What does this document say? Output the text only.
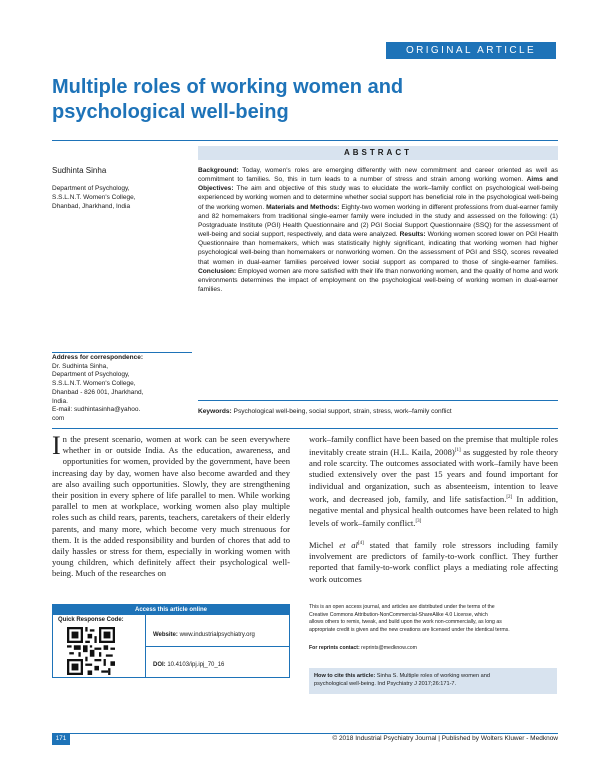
ORIGINAL ARTICLE
Multiple roles of working women and
psychological well-being
Sudhinta Sinha
Department of Psychology,
S.S.L.N.T. Women's College,
Dhanbad, Jharkhand, India
Address for correspondence:
Dr. Sudhinta Sinha,
Department of Psychology,
S.S.L.N.T. Women's College,
Dhanbad - 826 001, Jharkhand,
India.
E-mail: sudhintasinha@yahoo.
com
ABSTRACT
Background: Today, women's roles are emerging differently with new commitment and career oriented as well as commitment to families. So, this in turn leads to a number of stress and strain among working women. Aims and Objectives: The aim and objective of this study was to elucidate the work–family conflict on psychological well-being experienced by working women and to determine whether social support has beneficial role in the psychological well-being of the working women. Materials and Methods: Eighty-two women working in different professions from dual-earner family and 82 homemakers from traditional single-earner family were included in the study and assessed on the following: (1) Postgraduate Institute (PGI) Health Questionnaire and (2) PGI Social Support Questionnaire (SSQ) for the assessment of well-being and social support, respectively, and data were analyzed. Results: Working women scored lower on PGI Health Questionnaire than homemakers, which was statistically highly significant, indicating that working women had higher psychological well-being than homemakers or nonworking women. On the assessment of PGI and SSQ, scores revealed that women in dual-earner families perceived lower social support as compared to those of single-earner families. Conclusion: Employed women are more satisfied with their life than nonworking women, and the quality of home and work environments determines the impact of employment on the psychological well-being of working women in dual-earner families.
Keywords: Psychological well-being, social support, strain, stress, work–family conflict

In the present scenario, women at work can be seen everywhere whether in or outside India. As the education, awareness, and opportunities for women, provided by the government, have been increasing day by day, women have also become awarded and they are also availing such opportunities. Slowly, they are strengthening their position in every sphere of life parallel to men. While working parallel to men at workplace, working women also play multiple roles such as child rears, parents, teachers, caretakers of their elderly parents, and many more, which become very much strenuous for them. It is the added responsibility and burden of chores that add to daily hassles or stress for them, especially in working women with young children, which definitely affect their psychological well-being. Much of the researches on

work–family conflict have been based on the premise that multiple roles inevitably create strain (H.L. Kaila, 2008)[1] as suggested by role theory and role scarcity. The outcomes associated with work–family have been studied extensively over the past 15 years and found important for individual and organization, such as absenteeism, intention to leave work, and decreased job, family, and life satisfaction.[2] In addition, negative mental and physical health outcomes have been related to high levels of work–family conflict.[3]

Michel et al[4] stated that family role stressors including family involvement are predictors of family-to-work conflict. They further reported that family-to-work conflict plays a mediating role affecting work outcomes

Access this article online
Quick Response Code:
Website: www.industrialpsychiatry.org
DOI: 10.4103/ipj.ipj_70_16
This is an open access journal, and articles are distributed under the terms of the
Creative Commons Attribution-NonCommercial-ShareAlike 4.0 License, which
allows others to remix, tweak, and build upon the work non-commercially, as long as
appropriate credit is given and the new creations are licensed under the identical terms.
For reprints contact: reprints@medknow.com
How to cite this article: Sinha S. Multiple roles of working women and
psychological well-being. Ind Psychiatry J 2017;26:171-7.
171	© 2018 Industrial Psychiatry Journal | Published by Wolters Kluwer - Medknow
